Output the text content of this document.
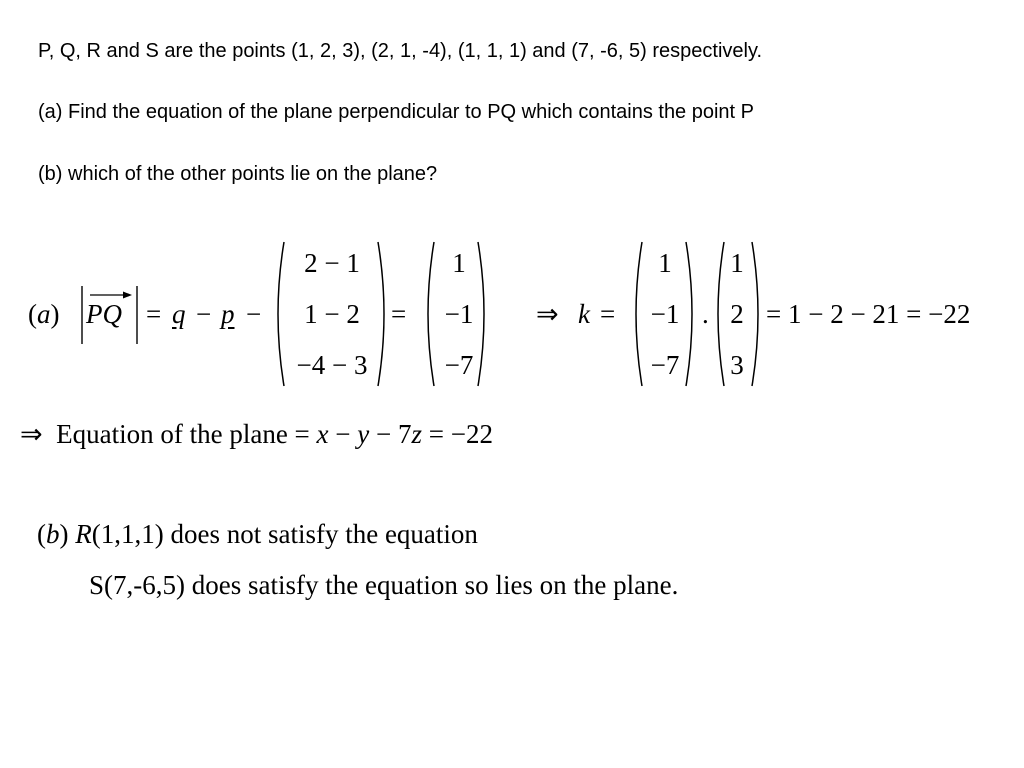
P, Q, R and S are the points (1, 2, 3), (2, 1, -4), (1, 1, 1) and (7, -6, 5) respectively.
(a) Find the equation of the plane perpendicular to PQ which contains the point P
(b) which of the other points lie on the plane?
(a) PQ = q − p −
2 − 1
1 − 2
−4 − 3
=
1
−1
−7
⇒ k =
1
−1
−7
.
1
2
3
= 1 − 2 − 21 = −22
⇒ Equation of the plane = x − y − 7z = −22
(b) R(1,1,1) does not satisfy the equation
S(7,-6,5) does satisfy the equation so lies on the plane.
